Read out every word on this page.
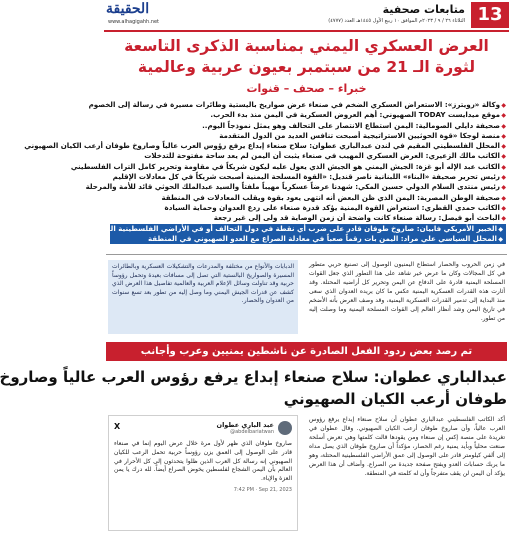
13
متابعات صحفية
الثلاثاء ٢٦ / ٩ / ٢٠٢٣م الموافق ١٠ ربيع الأول ١٤٤٥هـ العدد (٤٧٧٧)
الحقيقة
www.alhagigahh.net
العرض العسكري اليمني بمناسبة الذكرى التاسعة
لثورة الـ 21 من سبتمبر بعيون عربية وعالمية
خبراء – صحف – قنوات
◆وكالة «رويترز»: الاستعراض العسكري الضخم في صنعاء عرض صواريخ باليستية وطائرات مسيرة في رسالة إلى الخصوم
◆موقع ميدايست TODAY الصهيوني: أهم العروض العسكرية في اليمن منذ بدء الحرب.
◆صحيفة دايلي الصومالية: اليمن استطاع الانتصار على التحالف وهو يمثل نموذجاً اليوم..
◆منصة لوجكا «قوة الحوثيين الاستراتيجية أصبحت تنافس العديد من الدول المتقدمة
◆المحلل الفلسطيني المقيم في لندن عبدالباري عطوان: سلاح صنعاء إبداع يرفع رؤوس العرب عالياً وصاروخ طوفان أرعب الكيان الصهيوني
◆الكاتب مالك الزعيري: العرض العسكري المهيب في صنعاء يثبت أن اليمن لم يعد ساحة مفتوحة للتدخلات
◆الكاتب عبد الإله أبو غزة: الجيش اليمني هو الجيش الذي يعول عليه ليكون شريكاً في مقاومة وتحرير كامل التراب الفلسطيني
◆رئيس تحرير صحيفة «البناء» اللبنانية ناصر قنديل: «القوة المسلحة اليمنية أصبحت شريكاً في كل معادلات الإقليم
◆رئيس منتدى السلام الدولي حسين المكي: شهدنا عرضاً عسكرياً مهيباً ملفتاً والسيد عبدالملك الحوثي قائد للأمة والمرحلة
◆صحيفة الوطن المصرية: اليمن الذي ظن البعض أنه انتهى يعود بقوة ويقلب المعادلات في المنطقة
◆الكاتب حمدي القطري: استعراض القوة اليمنية يؤكد قدرة صنعاء على ردع العدوان وحماية السيادة
◆الباحث أبو فيصل: رسالة صنعاء كانت واضحة أن زمن الوصاية قد ولى إلى غير رجعة
◆الخبير الأمريكي فابيان: صاروخ طوفان قادر على ضرب أي نقطة في دول التحالف أو في الأراضي الفلسطينية المحتلة
◆المحلل السياسي علي مراد: اليمن بات رقماً صعباً في معادلة الصراع مع العدو الصهيوني في المنطقة
في زمن الحروب والحصار استطاع اليمنيون الوصول إلى تصنيع حربي متطور في كل المجالات وكان ما عرض خير شاهد على هذا التطور الذي جعل القوات المسلحة اليمنية قادرة على الدفاع عن اليمن وتحرير كل أراضيه المحتلة. وقد أثارت هذه القدرات العسكرية اليمنية عكس ما كان يريده العدوان الذي سعى منذ البداية إلى تدمير القدرات العسكرية اليمنية، وقد وصف العرض بأنه الأضخم في تاريخ اليمن وشد أنظار العالم إلى القوات المسلحة اليمنية وما وصلت إليه من تطور.
الدبابات والأنواع من مختلفة والمدرعات والتشكيلات العسكرية وبالطائرات المسيرة والصواريخ البالستية التي تصل إلى مسافات بعيدة وتحمل رؤوساً حربية وقد تناولت وسائل الإعلام العربية والعالمية تفاصيل هذا العرض الذي كشف عن قدرات الجيش اليمني وما وصل إليه من تطور بعد تسع سنوات من العدوان والحصار.
تم رصد بعض ردود الفعل الصادرة عن ناشطين يمنيين وعرب وأجانب
عبدالباري عطوان: سلاح صنعاء إبداع يرفع رؤوس العرب عالياً وصاروخ
طوفان أرعب الكيان الصهيوني
أكد الكاتب الفلسطيني عبدالباري عطوان أن سلاح صنعاء إبداع يرفع رؤوس العرب عالياً، وأن صاروخ طوفان أرعب الكيان الصهيوني. وقال عطوان في تغريدة على منصة إكس إن صنعاء ومن يقودها قالت كلمتها وهي تعرض أسلحة صنعت محلياً وبأيد يمنية رغم الحصار، مؤكداً أن صاروخ طوفان الذي يصل مداه إلى ألفي كيلومتر قادر على الوصول إلى عمق الأراضي الفلسطينية المحتلة، وهو ما يربك حسابات العدو ويفتح صفحة جديدة من الصراع. وأضاف أن هذا العرض يؤكد أن اليمن لن يقف متفرجاً وأن له كلمته في المنطقة.
عبد الباري عطوان
@abdelbariatwan
X
صاروخ طوفان الذي ظهر لأول مرة خلال عرض اليوم إنما في صنعاء قادر على الوصول إلى العمق يزن رؤوساً حربية تحمل الرعب للكيان الصهيوني إنه رسالة كل العرب الذين ظلوا يتحدثون إلى كل الأحرار في العالم بأن اليمن الشجاع لفلسطين يخوض الصراع أيضاً. لله درك يا يمن العزة والإباء.
7:42 PM · Sep 21, 2023
